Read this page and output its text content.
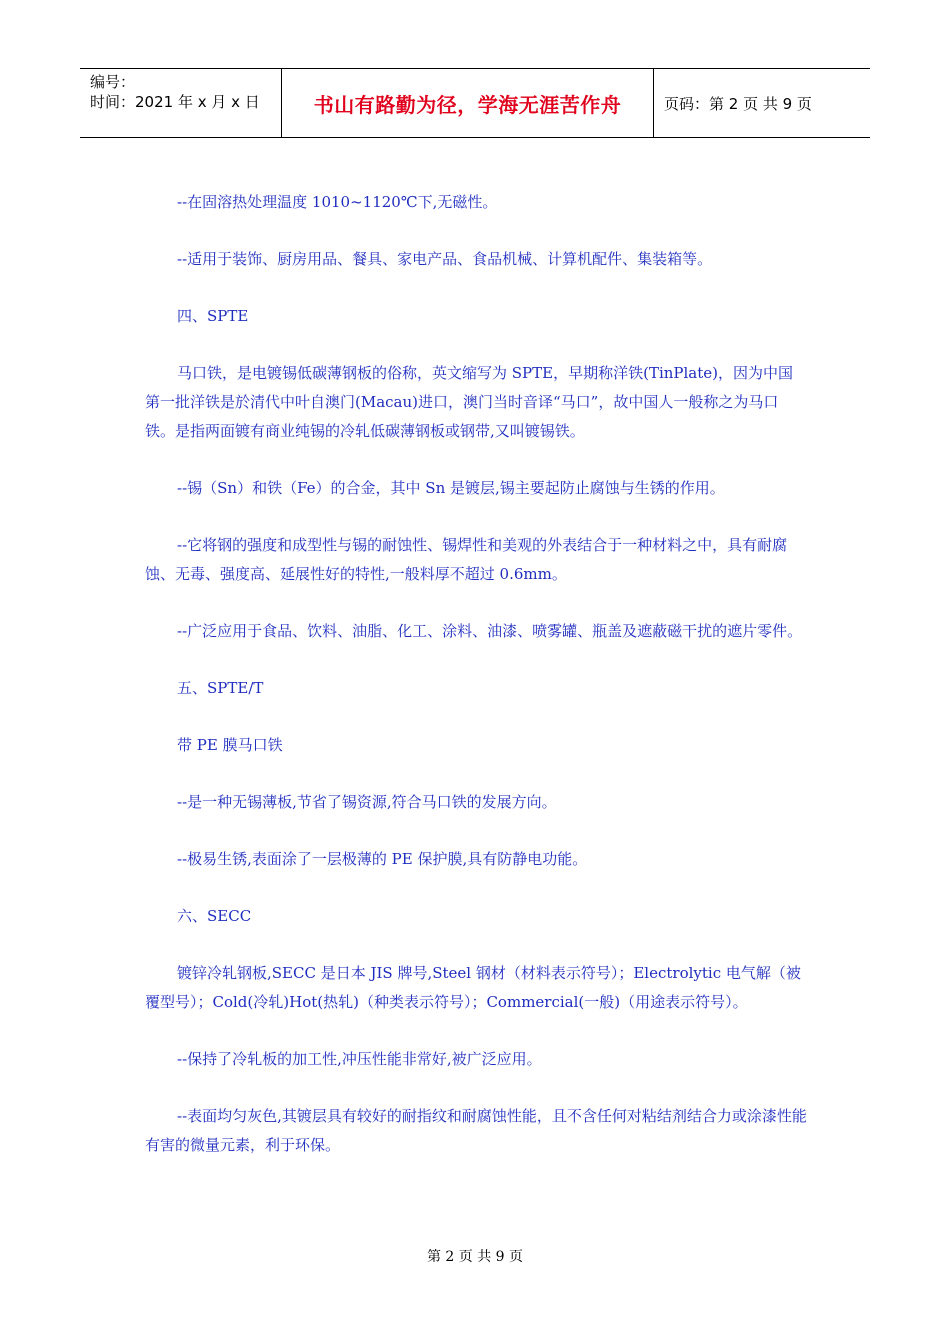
编号：
时间：2021 年 x 月 x 日	书山有路勤为径，学海无涯苦作舟	页码：第 2 页 共 9 页

--在固溶热处理温度 1010~1120℃下,无磁性。

--适用于装饰、厨房用品、餐具、家电产品、食品机械、计算机配件、集装箱等。

四、SPTE

马口铁，是电镀锡低碳薄钢板的俗称，英文缩写为 SPTE，早期称洋铁(TinPlate)，因为中国第一批洋铁是於清代中叶自澳门(Macau)进口，澳门当时音译“马口”，故中国人一般称之为马口铁。是指两面镀有商业纯锡的冷轧低碳薄钢板或钢带,又叫镀锡铁。

--锡（Sn）和铁（Fe）的合金，其中 Sn 是镀层,锡主要起防止腐蚀与生锈的作用。

--它将钢的强度和成型性与锡的耐蚀性、锡焊性和美观的外表结合于一种材料之中，具有耐腐蚀、无毒、强度高、延展性好的特性,一般料厚不超过 0.6mm。

--广泛应用于食品、饮料、油脂、化工、涂料、油漆、喷雾罐、瓶盖及遮蔽磁干扰的遮片零件。

五、SPTE/T

带 PE 膜马口铁

--是一种无锡薄板,节省了锡资源,符合马口铁的发展方向。

--极易生锈,表面涂了一层极薄的 PE 保护膜,具有防静电功能。

六、SECC

镀锌冷轧钢板,SECC 是日本 JIS 牌号,Steel 钢材（材料表示符号）；Electrolytic 电气解（被覆型号）；Cold(冷轧)Hot(热轧)（种类表示符号）；Commercial(一般)（用途表示符号）。

--保持了冷轧板的加工性,冲压性能非常好,被广泛应用。

--表面均匀灰色,其镀层具有较好的耐指纹和耐腐蚀性能，且不含任何对粘结剂结合力或涂漆性能有害的微量元素，利于环保。

第 2 页 共 9 页
